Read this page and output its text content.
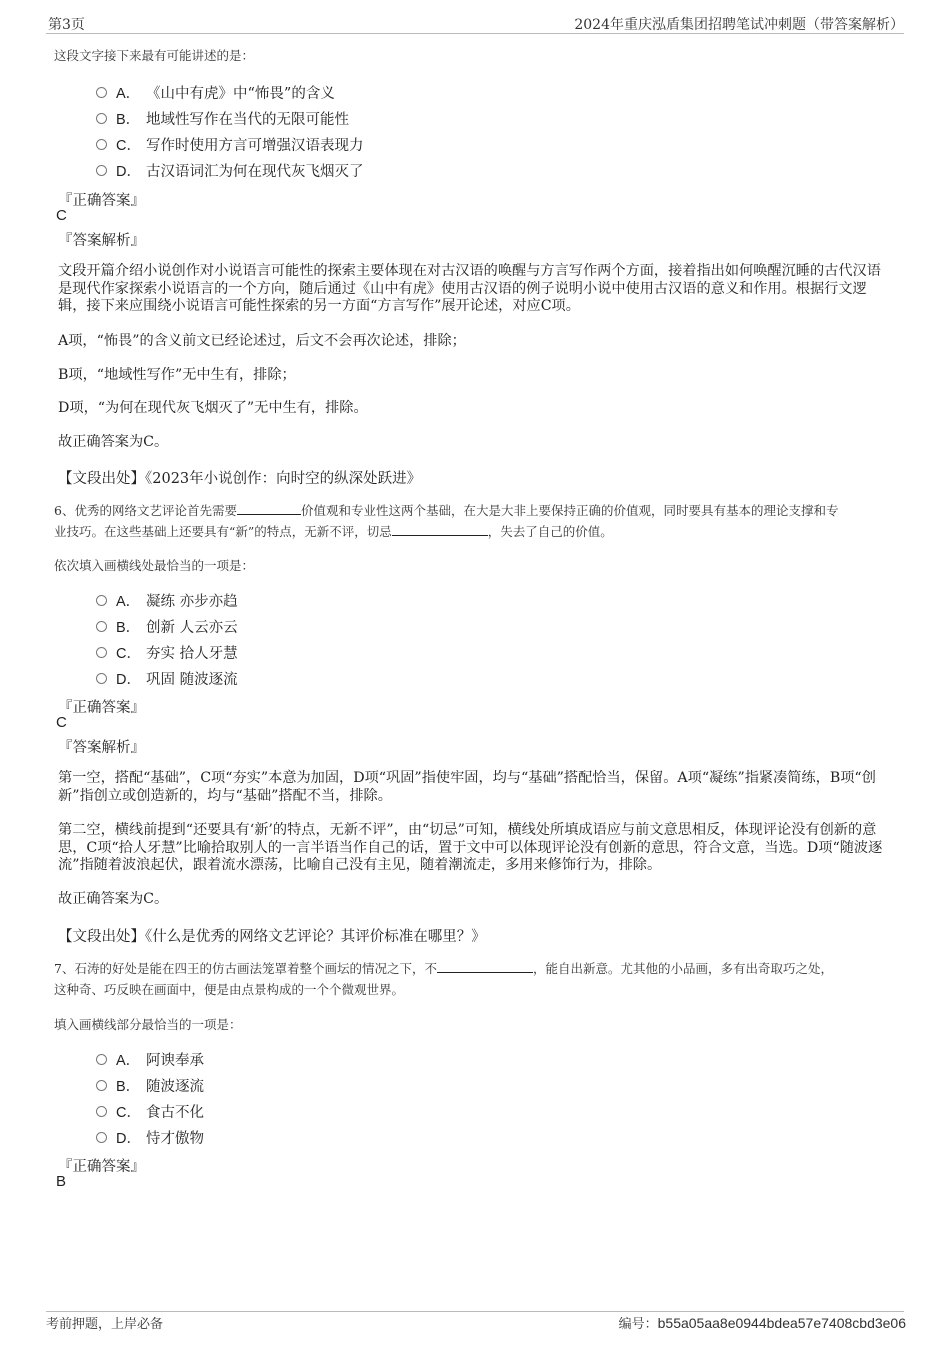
第3页	2024年重庆泓盾集团招聘笔试冲刺题（带答案解析）
这段文字接下来最有可能讲述的是：
A． 《山中有虎》中“怖畏”的含义
B． 地域性写作在当代的无限可能性
C． 写作时使用方言可增强汉语表现力
D． 古汉语词汇为何在现代灰飞烟灭了
『正确答案』
C
『答案解析』
文段开篇介绍小说创作对小说语言可能性的探索主要体现在对古汉语的唤醒与方言写作两个方面，接着指出如何唤醒沉睡的古代汉语是现代作家探索小说语言的一个方向，随后通过《山中有虎》使用古汉语的例子说明小说中使用古汉语的意义和作用。根据行文逻辑，接下来应围绕小说语言可能性探索的另一方面“方言写作”展开论述，对应C项。
A项，“怖畏”的含义前文已经论述过，后文不会再次论述，排除；
B项，“地域性写作”无中生有，排除；
D项，“为何在现代灰飞烟灭了”无中生有，排除。
故正确答案为C。
【文段出处】《2023年小说创作：向时空的纵深处跃进》
6、优秀的网络文艺评论首先需要	价值观和专业性这两个基础，在大是大非上要保持正确的价值观，同时要具有基本的理论支撑和专
业技巧。在这些基础上还要具有“新”的特点，无新不评，切忌	，失去了自己的价值。
依次填入画横线处最恰当的一项是：
A． 凝练 亦步亦趋
B． 创新 人云亦云
C． 夯实 拾人牙慧
D． 巩固 随波逐流
『正确答案』
C
『答案解析』
第一空，搭配“基础”，C项“夯实”本意为加固，D项“巩固”指使牢固，均与“基础”搭配恰当，保留。A项“凝练”指紧凑简练，B项“创新”指创立或创造新的，均与“基础”搭配不当，排除。
第二空，横线前提到“还要具有‘新’的特点，无新不评”，由“切忌”可知，横线处所填成语应与前文意思相反，体现评论没有创新的意思，C项“拾人牙慧”比喻拾取别人的一言半语当作自己的话，置于文中可以体现评论没有创新的意思，符合文意，当选。D项“随波逐流”指随着波浪起伏，跟着流水漂荡，比喻自己没有主见，随着潮流走，多用来修饰行为，排除。
故正确答案为C。
【文段出处】《什么是优秀的网络文艺评论？其评价标准在哪里？》
7、石涛的好处是能在四王的仿古画法笼罩着整个画坛的情况之下，不	，能自出新意。尤其他的小品画，多有出奇取巧之处，
这种奇、巧反映在画面中，便是由点景构成的一个个微观世界。
填入画横线部分最恰当的一项是：
A． 阿谀奉承
B． 随波逐流
C． 食古不化
D． 恃才傲物
『正确答案』
B
考前押题，上岸必备	编号：b55a05aa8e0944bdea57e7408cbd3e06
